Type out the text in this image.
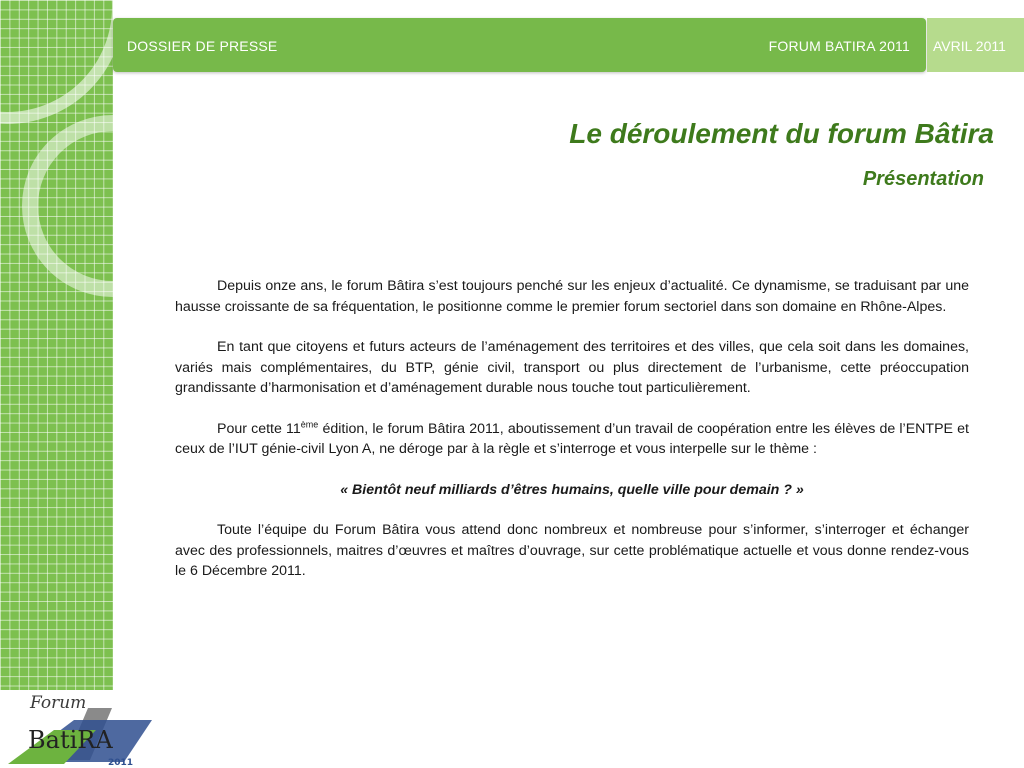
DOSSIER DE PRESSE	FORUM BATIRA 2011 AVRIL 2011
Le déroulement du forum Bâtira
Présentation

Depuis onze ans, le forum Bâtira s’est toujours penché sur les enjeux d’actualité. Ce dynamisme, se traduisant par une hausse croissante de sa fréquentation, le positionne comme le premier forum sectoriel dans son domaine en Rhône-Alpes.

En tant que citoyens et futurs acteurs de l’aménagement des territoires et des villes, que cela soit dans les domaines, variés mais complémentaires, du BTP, génie civil, transport ou plus directement de l’urbanisme, cette préoccupation grandissante d’harmonisation et d’aménagement durable nous touche tout particulièrement.

Pour cette 11ème édition, le forum Bâtira 2011, aboutissement d’un travail de coopération entre les élèves de l’ENTPE et ceux de l’IUT génie-civil Lyon A, ne déroge par à la règle et s’interroge et vous interpelle sur le thème :

« Bientôt neuf milliards d’êtres humains, quelle ville pour demain ? »

Toute l’équipe du Forum Bâtira vous attend donc nombreux et nombreuse pour s’informer, s’interroger et échanger avec des professionnels, maitres d’œuvres et maîtres d’ouvrage, sur cette problématique actuelle et vous donne rendez-vous le 6 Décembre 2011.

Forum
BatiRA
2011
